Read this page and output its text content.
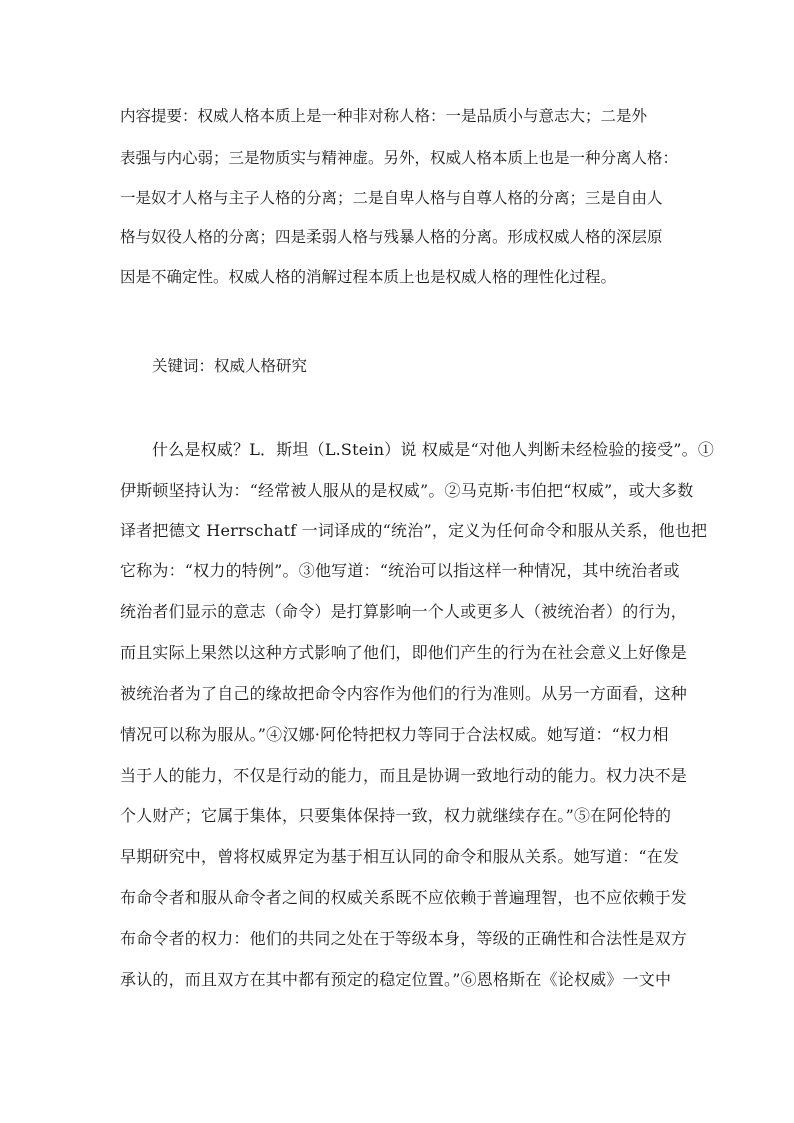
内容提要：权威人格本质上是一种非对称人格：一是品质小与意志大；二是外
表强与内心弱；三是物质实与精神虚。另外，权威人格本质上也是一种分离人格：
一是奴才人格与主子人格的分离；二是自卑人格与自尊人格的分离；三是自由人
格与奴役人格的分离；四是柔弱人格与残暴人格的分离。形成权威人格的深层原
因是不确定性。权威人格的消解过程本质上也是权威人格的理性化过程。
关键词：权威人格研究
什么是权威？L．斯坦（L.Stein）说 权威是“对他人判断未经检验的接受”。①
伊斯顿坚持认为：“经常被人服从的是权威”。②马克斯·韦伯把“权威”，或大多数
译者把德文 Herrschatf 一词译成的“统治”，定义为任何命令和服从关系，他也把
它称为：“权力的特例”。③他写道：“统治可以指这样一种情况，其中统治者或
统治者们显示的意志（命令）是打算影响一个人或更多人（被统治者）的行为，
而且实际上果然以这种方式影响了他们，即他们产生的行为在社会意义上好像是
被统治者为了自己的缘故把命令内容作为他们的行为准则。从另一方面看，这种
情况可以称为服从。”④汉娜·阿伦特把权力等同于合法权威。她写道：“权力相
当于人的能力，不仅是行动的能力，而且是协调一致地行动的能力。权力决不是
个人财产；它属于集体，只要集体保持一致，权力就继续存在。”⑤在阿伦特的
早期研究中，曾将权威界定为基于相互认同的命令和服从关系。她写道：“在发
布命令者和服从命令者之间的权威关系既不应依赖于普遍理智，也不应依赖于发
布命令者的权力：他们的共同之处在于等级本身，等级的正确性和合法性是双方
承认的，而且双方在其中都有预定的稳定位置。”⑥恩格斯在《论权威》一文中
